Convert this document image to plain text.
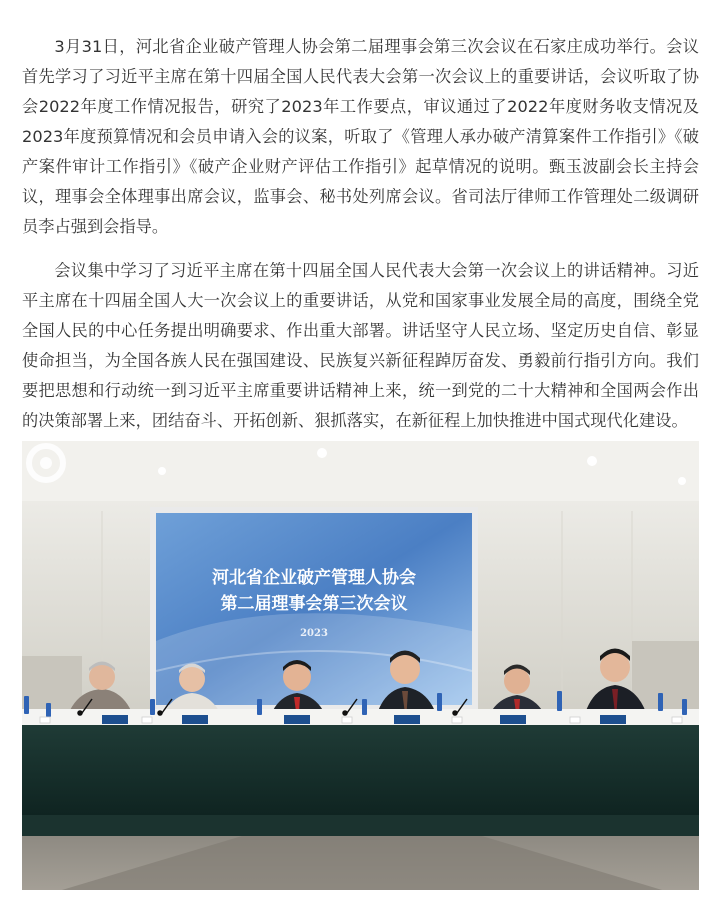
3月31日，河北省企业破产管理人协会第二届理事会第三次会议在石家庄成功举行。会议首先学习了习近平主席在第十四届全国人民代表大会第一次会议上的重要讲话，会议听取了协会2022年度工作情况报告，研究了2023年工作要点，审议通过了2022年度财务收支情况及2023年度预算情况和会员申请入会的议案，听取了《管理人承办破产清算案件工作指引》《破产案件审计工作指引》《破产企业财产评估工作指引》起草情况的说明。甄玉波副会长主持会议，理事会全体理事出席会议，监事会、秘书处列席会议。省司法厅律师工作管理处二级调研员李占强到会指导。

会议集中学习了习近平主席在第十四届全国人民代表大会第一次会议上的讲话精神。习近平主席在十四届全国人大一次会议上的重要讲话，从党和国家事业发展全局的高度，围绕全党全国人民的中心任务提出明确要求、作出重大部署。讲话坚守人民立场、坚定历史自信、彰显使命担当，为全国各族人民在强国建设、民族复兴新征程踔厉奋发、勇毅前行指引方向。我们要把思想和行动统一到习近平主席重要讲话精神上来，统一到党的二十大精神和全国两会作出的决策部署上来，团结奋斗、开拓创新、狠抓落实，在新征程上加快推进中国式现代化建设。

河北省企业破产管理人协会
第二届理事会第三次会议
2023
